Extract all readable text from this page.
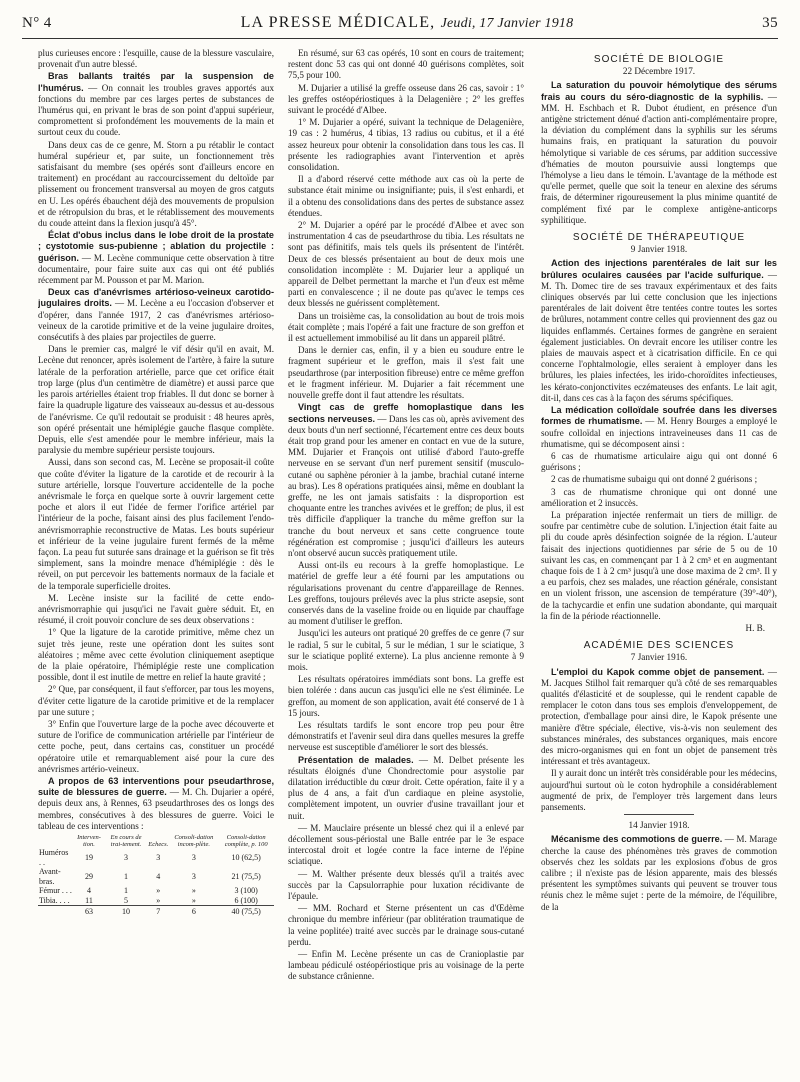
N° 4	LA PRESSE MÉDICALE, Jeudi, 17 Janvier 1918	35

plus curieuses encore : l'esquille, cause de la blessure vasculaire, provenait d'un autre blessé.

Bras ballants traités par la suspension de l'humérus. — On connait les troubles graves apportés aux fonctions du membre par ces larges pertes de substances de l'humérus qui, en privant le bras de son point d'appui supérieur, compromettent si profondément les mouvements de la main et surtout ceux du coude.

Dans deux cas de ce genre, M. Storn a pu rétablir le contact huméral supérieur et, par suite, un fonctionnement très satisfaisant du membre (ses opérés sont d'ailleurs encore en traitement) en procédant au raccourcissement du deltoïde par plissement ou froncement transversal au moyen de gros catguts en U. Les opérés ébauchent déjà des mouvements de propulsion et de rétropulsion du bras, et le rétablissement des mouvements du coude atteint dans la flexion jusqu'à 45°.

Éclat d'obus inclus dans le lobe droit de la prostate ; cystotomie sus-pubienne ; ablation du projectile : guérison. — M. Lecène communique cette observation à titre documentaire, pour faire suite aux cas qui ont été publiés récemment par M. Pousson et par M. Marion.

Deux cas d'anévrismes artérioso-veineux carotido-jugulaires droits. — M. Lecène a eu l'occasion d'observer et d'opérer, dans l'année 1917, 2 cas d'anévrismes artérioso-veineux de la carotide primitive et de la veine jugulaire droites, consécutifs à des plaies par projectiles de guerre.

Dans le premier cas, malgré le vif désir qu'il en avait, M. Lecène dut renoncer, après isolement de l'artère, à faire la suture latérale de la perforation artérielle, parce que cet orifice était trop large (plus d'un centimètre de diamètre) et aussi parce que les parois artérielles étaient trop friables. Il dut donc se borner à faire la quadruple ligature des vaisseaux au-dessus et au-dessous de l'anévrisme. Ce qu'il redoutait se produisit : 48 heures après, son opéré présentait une hémiplégie gauche flasque complète. Depuis, elle s'est amendée pour le membre inférieur, mais la paralysie du membre supérieur persiste toujours.

Aussi, dans son second cas, M. Lecène se proposait-il coûte que coûte d'éviter la ligature de la carotide et de recourir à la suture artérielle, lorsque l'ouverture accidentelle de la poche anévrismale le força en quelque sorte à ouvrir largement cette poche et alors il eut l'idée de fermer l'orifice artériel par l'intérieur de la poche, faisant ainsi des plus facilement l'endo-anévrismorraphie reconstructive de Matas. Les bouts supérieur et inférieur de la veine jugulaire furent fermés de la même façon. La peau fut suturée sans drainage et la guérison se fit très simplement, sans la moindre menace d'hémiplégie : dès le réveil, on put percevoir les battements normaux de la faciale et de la temporale superficielle droites.

M. Lecène insiste sur la facilité de cette endo-anévrismorraphie qui jusqu'ici ne l'avait guère séduit. Et, en résumé, il croit pouvoir conclure de ses deux observations :

1° Que la ligature de la carotide primitive, même chez un sujet très jeune, reste une opération dont les suites sont aléatoires ; même avec cette évolution cliniquement aseptique de la plaie opératoire, l'hémiplégie reste une complication possible, dont il est inutile de mettre en relief la haute gravité ;

2° Que, par conséquent, il faut s'efforcer, par tous les moyens, d'éviter cette ligature de la carotide primitive et de la remplacer par une suture ;

3° Enfin que l'ouverture large de la poche avec découverte et suture de l'orifice de communication artérielle par l'intérieur de cette poche, peut, dans certains cas, constituer un procédé opératoire utile et remarquablement aisé pour la cure des anévrismes artério-veineux.

A propos de 63 interventions pour pseudarthrose, suite de blessures de guerre. — M. Ch. Dujarier a opéré, depuis deux ans, à Rennes, 63 pseudarthroses des os longs des membres, consécutives à des blessures de guerre. Voici le tableau de ces interventions :

	Interven-tion.	En cours de trai-tement.	Echecs.	Consoli-dation incom-plète.	Consoli-dation complète, p. 100
Huméros . .	19	3	3	3	10 (62,5)
Avant-bras.	29	1	4	3	21 (75,5)
Fémur . . .	4	1	»	»	3 (100)
Tibia. . . .	11	5	»	»	6 (100)
	63	10	7	6	40 (75,5)

En résumé, sur 63 cas opérés, 10 sont en cours de traitement; restent donc 53 cas qui ont donné 40 guérisons complètes, soit 75,5 pour 100.

M. Dujarier a utilisé la greffe osseuse dans 26 cas, savoir : 1° les greffes ostéopériostiques à la Delagenière ; 2° les greffes suivant le procédé d'Albee.

1° M. Dujarier a opéré, suivant la technique de Delagenière, 19 cas : 2 humérus, 4 tibias, 13 radius ou cubitus, et il a été assez heureux pour obtenir la consolidation dans tous les cas. Il présente les radiographies avant l'intervention et après consolidation.

Il a d'abord réservé cette méthode aux cas où la perte de substance était minime ou insignifiante; puis, il s'est enhardi, et il a obtenu des consolidations dans des pertes de substance assez étendues.

2° M. Dujarier a opéré par le procédé d'Albee et avec son instrumentation 4 cas de pseudarthrose du tibia. Les résultats ne sont pas définitifs, mais tels quels ils présentent de l'intérêt. Deux de ces blessés présentaient au bout de deux mois une consolidation incomplète : M. Dujarier leur a appliqué un appareil de Delbet permettant la marche et l'un d'eux est même parti en convalescence ; il ne doute pas qu'avec le temps ces deux blessés ne guérissent complètement.

Dans un troisième cas, la consolidation au bout de trois mois était complète ; mais l'opéré a fait une fracture de son greffon et il est actuellement immobilisé au lit dans un appareil plâtré.

Dans le dernier cas, enfin, il y a bien eu soudure entre le fragment supérieur et le greffon, mais il s'est fait une pseudarthrose (par interposition fibreuse) entre ce même greffon et le fragment inférieur. M. Dujarier a fait récemment une nouvelle greffe dont il faut attendre les résultats.

Vingt cas de greffe homoplastique dans les sections nerveuses. — Dans les cas où, après avivement des deux bouts d'un nerf sectionné, l'écartement entre ces deux bouts était trop grand pour les amener en contact en vue de la suture, MM. Dujarier et François ont utilisé d'abord l'auto-greffe nerveuse en se servant d'un nerf purement sensitif (musculo-cutané ou saphène péronier à la jambe, brachial cutané interne au bras). Les 8 opérations pratiquées ainsi, même en doublant la greffe, ne les ont jamais satisfaits : la disproportion est choquante entre les tranches avivées et le greffon; de plus, il est très difficile d'appliquer la tranche du même greffon sur la tranche du bout nerveux et sans cette congruence toute régénération est compromise ; jusqu'ici d'ailleurs les auteurs n'ont observé aucun succès pratiquement utile.

Aussi ont-ils eu recours à la greffe homoplastique. Le matériel de greffe leur a été fourni par les amputations ou régularisations provenant du centre d'appareillage de Rennes. Les greffons, toujours prélevés avec la plus stricte asepsie, sont conservés dans de la vaseline froide ou en liquide par chauffage au moment d'utiliser le greffon.

Jusqu'ici les auteurs ont pratiqué 20 greffes de ce genre (7 sur le radial, 5 sur le cubital, 5 sur le médian, 1 sur le sciatique, 3 sur le sciatique poplité externe). La plus ancienne remonte à 9 mois.

Les résultats opératoires immédiats sont bons. La greffe est bien tolérée : dans aucun cas jusqu'ici elle ne s'est éliminée. Le greffon, au moment de son application, avait été conservé de 1 à 15 jours.

Les résultats tardifs le sont encore trop peu pour être démonstratifs et l'avenir seul dira dans quelles mesures la greffe nerveuse est susceptible d'améliorer le sort des blessés.

Présentation de malades. — M. Delbet présente les résultats éloignés d'une Chondrectomie pour asystolie par dilatation irréductible du cœur droit. Cette opération, faite il y a plus de 4 ans, a fait d'un cardiaque en pleine asystolie, complètement impotent, un ouvrier d'usine travaillant jour et nuit.

— M. Mauclaire présente un blessé chez qui il a enlevé par décollement sous-périostal une Balle entrée par le 3e espace intercostal droit et logée contre la face interne de l'épine sciatique.

— M. Walther présente deux blessés qu'il a traités avec succès par la Capsulorraphie pour luxation récidivante de l'épaule.

— MM. Rochard et Sterne présentent un cas d'Œdème chronique du membre inférieur (par oblitération traumatique de la veine poplitée) traité avec succès par le drainage sous-cutané perdu.

— Enfin M. Lecène présente un cas de Cranioplastie par lambeau pédiculé ostéopériostique pris au voisinage de la perte de substance crânienne.

SOCIÉTÉ DE BIOLOGIE
22 Décembre 1917.

La saturation du pouvoir hémolytique des sérums frais au cours du séro-diagnostic de la syphilis. — MM. H. Eschbach et R. Dubot étudient, en présence d'un antigène strictement dénué d'action anti-complémentaire propre, la déviation du complément dans la syphilis sur les sérums humains frais, en pratiquant la saturation du pouvoir hémolytique si variable de ces sérums, par addition successive d'hématies de mouton poursuivie aussi longtemps que l'hémolyse a lieu dans le témoin. L'avantage de la méthode est qu'elle permet, quelle que soit la teneur en alexine des sérums frais, de déterminer rigoureusement la plus minime quantité de complément fixé par le complexe antigène-anticorps syphilitique.

SOCIÉTÉ DE THÉRAPEUTIQUE
9 Janvier 1918.

Action des injections parentérales de lait sur les brûlures oculaires causées par l'acide sulfurique. — M. Th. Domec tire de ses travaux expérimentaux et des faits cliniques observés par lui cette conclusion que les injections parentérales de lait doivent être tentées contre toutes les sortes de brûlures, notamment contre celles qui proviennent des gaz ou liquides enflammés. Certaines formes de gangrène en seraient également justiciables. On devrait encore les utiliser contre les plaies de mauvais aspect et à cicatrisation difficile. En ce qui concerne l'ophtalmologie, elles seraient à employer dans les brûlures, les plaies infectées, les irido-choroïdites infectieuses, les kérato-conjonctivites eczémateuses des enfants. Le lait agit, dit-il, dans ces cas à la façon des sérums spécifiques.

La médication colloïdale soufrée dans les diverses formes de rhumatisme. — M. Henry Bourges a employé le soufre colloïdal en injections intraveineuses dans 11 cas de rhumatisme, qui se décomposent ainsi :

6 cas de rhumatisme articulaire aigu qui ont donné 6 guérisons ;

2 cas de rhumatisme subaigu qui ont donné 2 guérisons ;

3 cas de rhumatisme chronique qui ont donné une amélioration et 2 insuccès.

La préparation injectée renfermait un tiers de milligr. de soufre par centimètre cube de solution. L'injection était faite au pli du coude après désinfection soignée de la région. L'auteur faisait des injections quotidiennes par série de 5 ou de 10 suivant les cas, en commençant par 1 à 2 cm³ et en augmentant chaque fois de 1 à 2 cm³ jusqu'à une dose maxima de 2 cm³. Il y a eu parfois, chez ses malades, une réaction générale, consistant en un violent frisson, une ascension de température (39°-40°), de la tachycardie et enfin une sudation abondante, qui marquait la fin de la période réactionnelle.

H. B.

ACADÉMIE DES SCIENCES
7 Janvier 1916.

L'emploi du Kapok comme objet de pansement. — M. Jacques Stilhol fait remarquer qu'à côté de ses remarquables qualités d'élasticité et de souplesse, qui le rendent capable de remplacer le coton dans tous ses emplois d'enveloppement, de protection, d'emballage pour ainsi dire, le Kapok présente une manière d'être spéciale, élective, vis-à-vis non seulement des substances minérales, des substances organiques, mais encore des micro-organismes qui en font un objet de pansement très intéressant et très avantageux.

Il y aurait donc un intérêt très considérable pour les médecins, aujourd'hui surtout où le coton hydrophile a considérablement augmenté de prix, de l'employer très largement dans leurs pansements.

14 Janvier 1918.

Mécanisme des commotions de guerre. — M. Marage cherche la cause des phénomènes très graves de commotion observés chez les soldats par les explosions d'obus de gros calibre ; il n'existe pas de lésion apparente, mais des blessés présentent les symptômes suivants qui peuvent se trouver tous réunis chez le même sujet : perte de la mémoire, de l'équilibre, de la
